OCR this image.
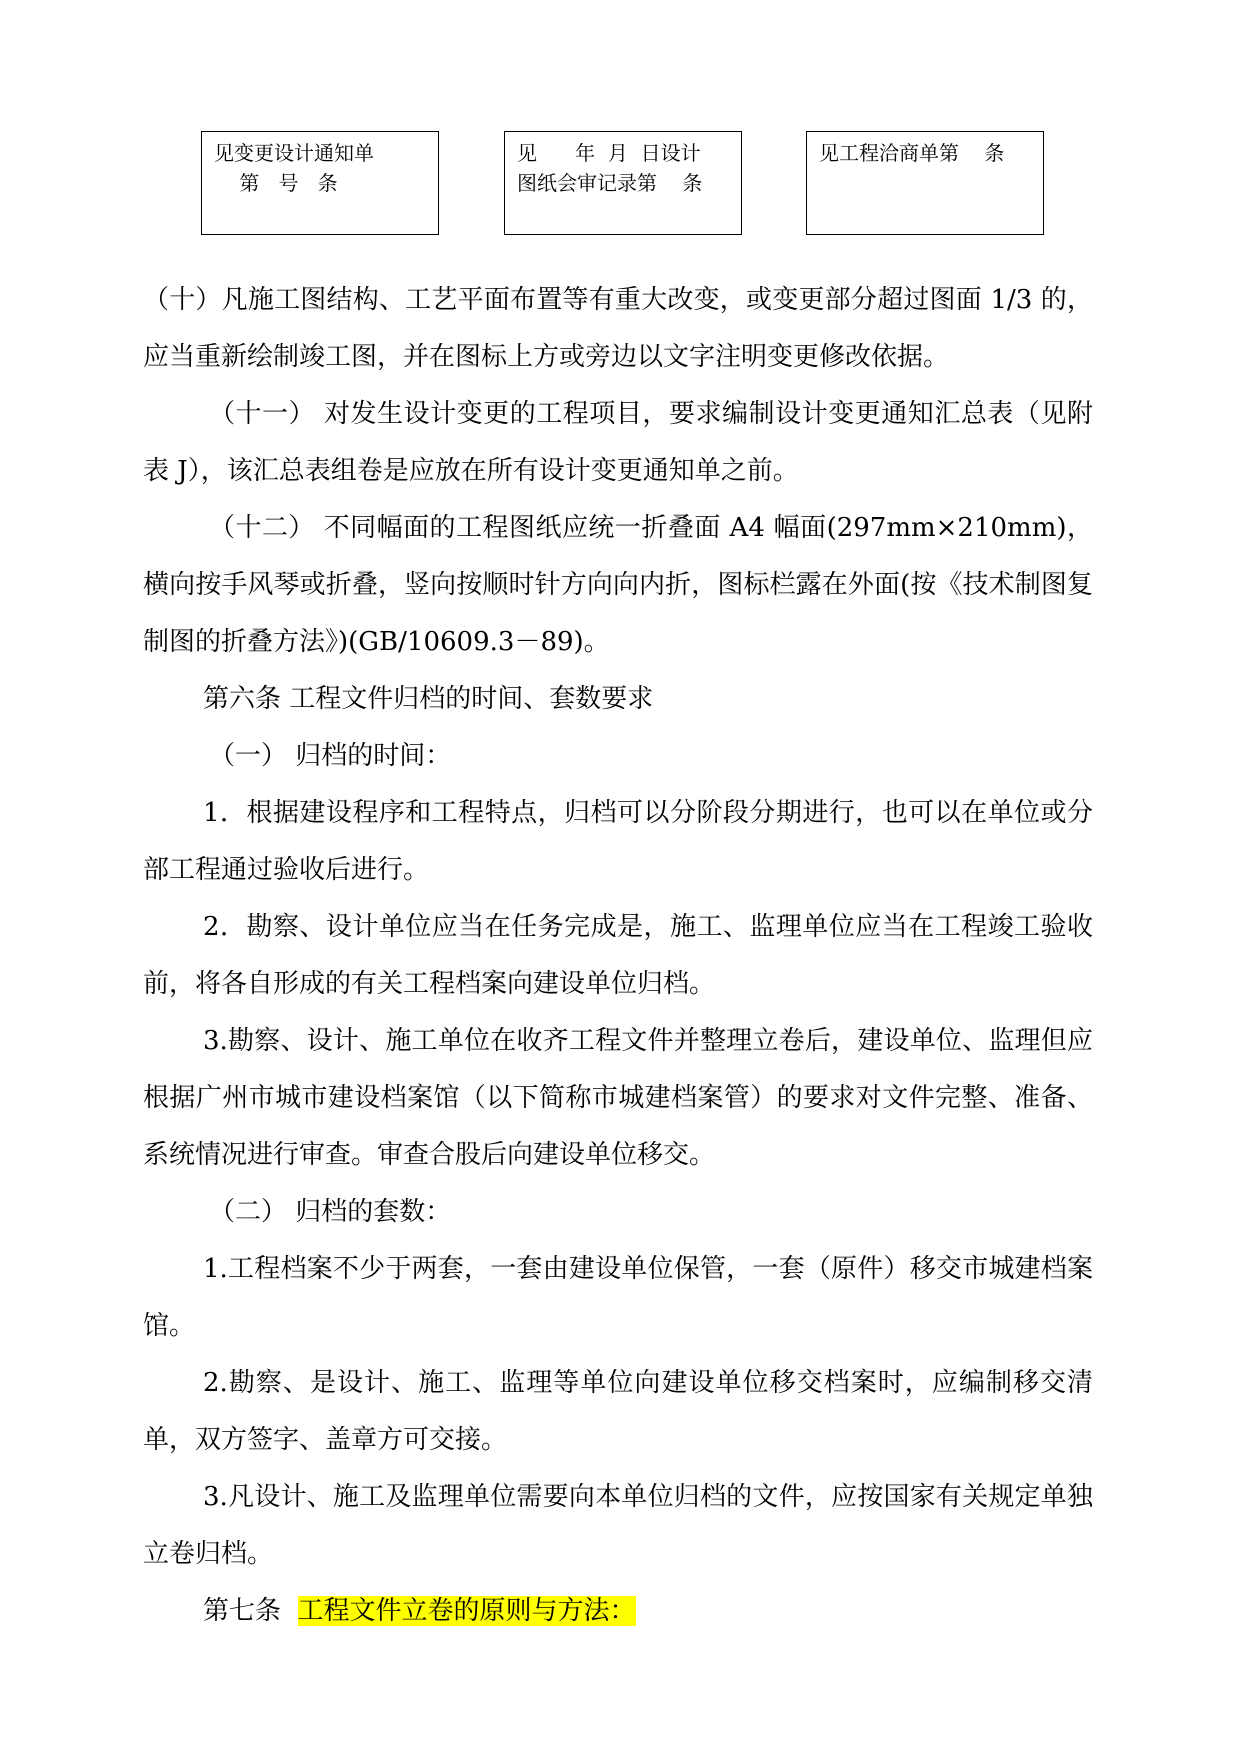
见变更设计通知单
第   号   条
见      年  月  日设计
图纸会审记录第    条
见工程洽商单第    条

（十）凡施工图结构、工艺平面布置等有重大改变，或变更部分超过图面 1/3 的，应当重新绘制竣工图，并在图标上方或旁边以文字注明变更修改依据。

（十一） 对发生设计变更的工程项目，要求编制设计变更通知汇总表（见附表 J），该汇总表组卷是应放在所有设计变更通知单之前。

（十二） 不同幅面的工程图纸应统一折叠面 A4 幅面(297mm×210mm)，横向按手风琴或折叠，竖向按顺时针方向向内折，图标栏露在外面(按《技术制图复制图的折叠方法》)(GB/10609.3－89)。

第六条 工程文件归档的时间、套数要求

（一） 归档的时间：

1．根据建设程序和工程特点，归档可以分阶段分期进行，也可以在单位或分部工程通过验收后进行。

2．勘察、设计单位应当在任务完成是，施工、监理单位应当在工程竣工验收前，将各自形成的有关工程档案向建设单位归档。

3.勘察、设计、施工单位在收齐工程文件并整理立卷后，建设单位、监理但应根据广州市城市建设档案馆（以下简称市城建档案管）的要求对文件完整、准备、系统情况进行审查。审查合股后向建设单位移交。

（二） 归档的套数：

1.工程档案不少于两套，一套由建设单位保管，一套（原件）移交市城建档案馆。

2.勘察、是设计、施工、监理等单位向建设单位移交档案时，应编制移交清单，双方签字、盖章方可交接。

3.凡设计、施工及监理单位需要向本单位归档的文件，应按国家有关规定单独立卷归档。

第七条  工程文件立卷的原则与方法：
